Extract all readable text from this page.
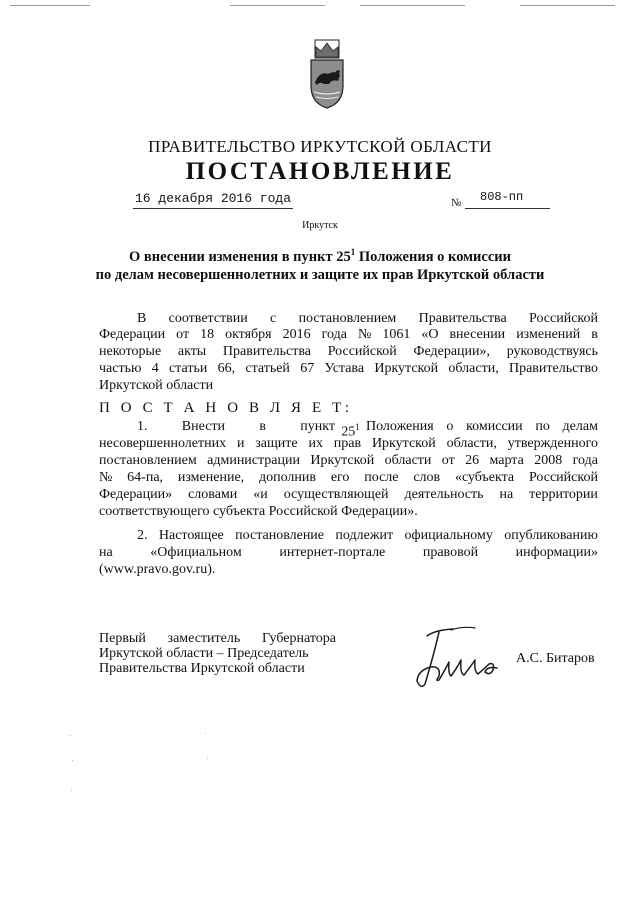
ПРАВИТЕЛЬСТВО ИРКУТСКОЙ ОБЛАСТИ
ПОСТАНОВЛЕНИЕ
16 декабря 2016 года	№ 808-пп
Иркутск
О внесении изменения в пункт $25^1$ Положения о комиссии
по делам несовершеннолетних и защите их прав Иркутской области
В соответствии с постановлением Правительства Российской
Федерации от 18 октября 2016 года № 1061 «О внесении изменений в
некоторые акты Правительства Российской Федерации», руководствуясь
частью 4 статьи 66, статьей 67 Устава Иркутской области, Правительство
Иркутской области
П О С Т А Н О В Л Я Е Т:
1. Внести в пункт $25^1$ Положения о комиссии по делам
несовершеннолетних и защите их прав Иркутской области, утвержденного
постановлением администрации Иркутской области от 26 марта 2008 года
№ 64-па, изменение, дополнив его после слов «субъекта Российской
Федерации» словами «и осуществляющей деятельность на территории
соответствующего субъекта Российской Федерации».
2. Настоящее постановление подлежит официальному опубликованию
на	«Официальном	интернет-портале	правовой	информации»
(www.pravo.gov.ru).
Первый заместитель Губернатора
Иркутской области – Председатель
Правительства Иркутской области
А.С. Битаров
